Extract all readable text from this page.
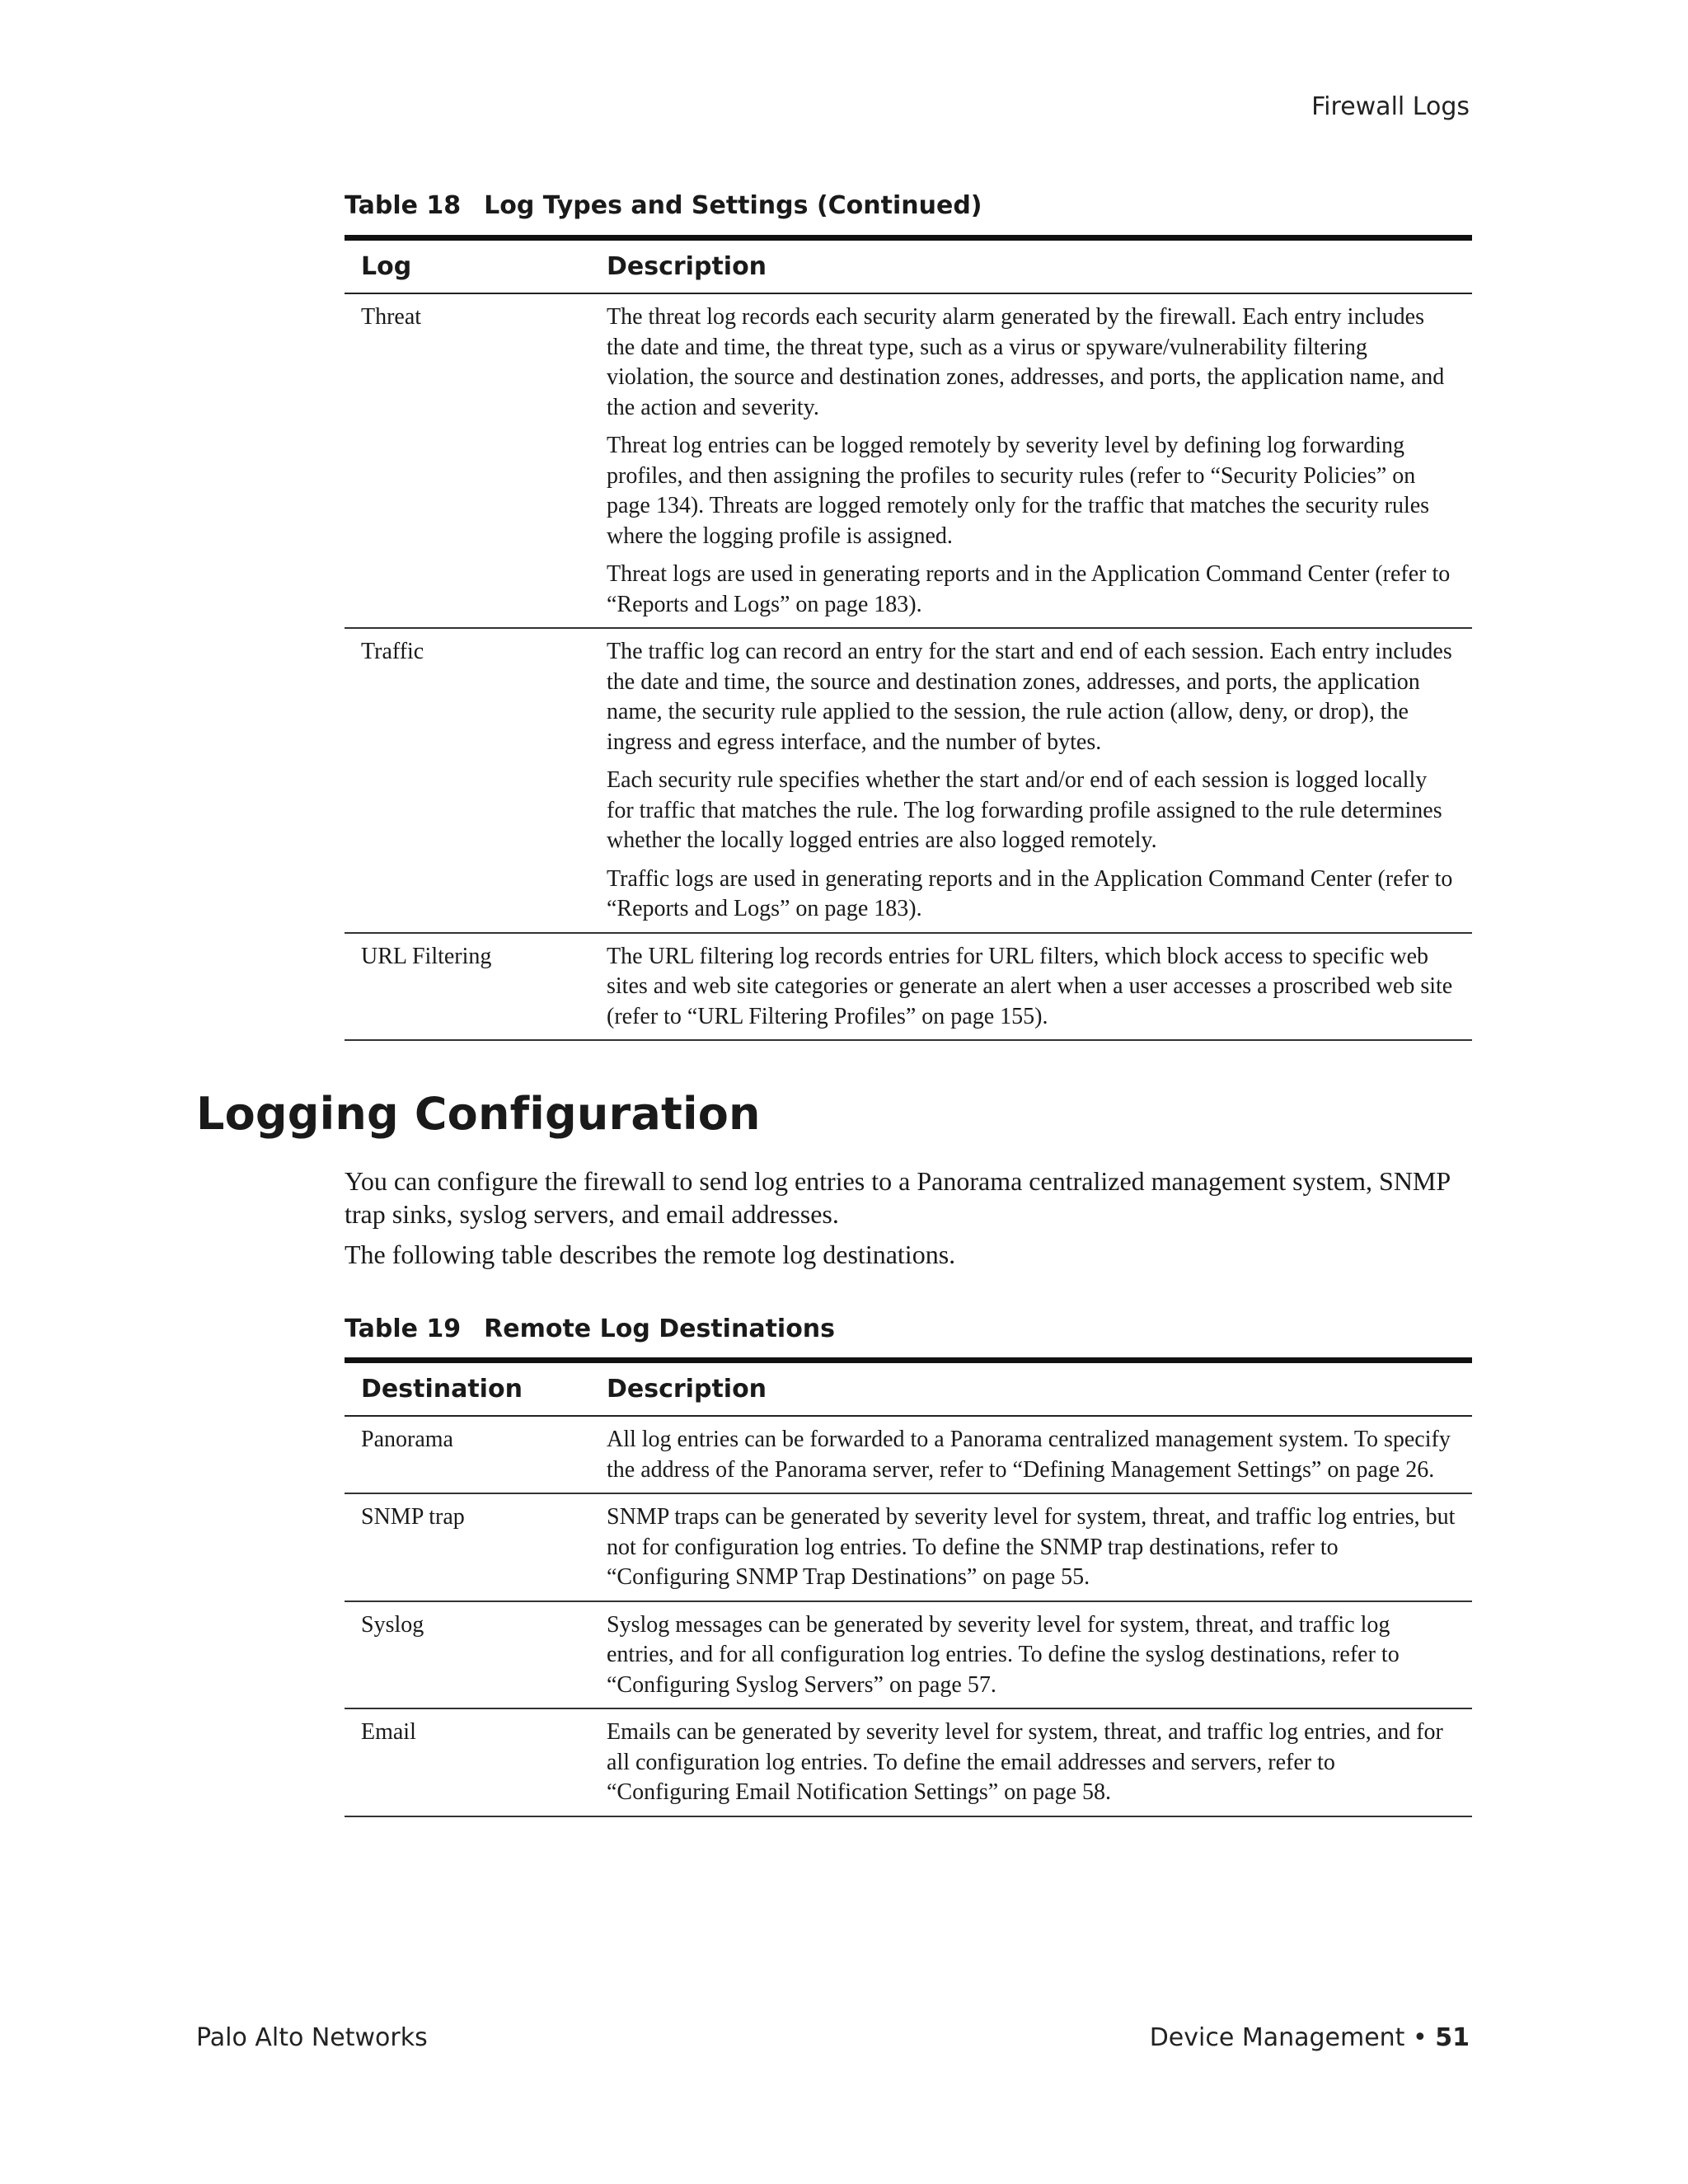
Firewall Logs
Table 18 Log Types and Settings (Continued)
Log	Description
Threat	The threat log records each security alarm generated by the firewall. Each entry includes the date and time, the threat type, such as a virus or spyware/vulnerability filtering violation, the source and destination zones, addresses, and ports, the application name, and the action and severity.

Threat log entries can be logged remotely by severity level by defining log forwarding profiles, and then assigning the profiles to security rules (refer to “Security Policies” on page 134). Threats are logged remotely only for the traffic that matches the security rules where the logging profile is assigned.

Threat logs are used in generating reports and in the Application Command Center (refer to “Reports and Logs” on page 183).

Traffic	The traffic log can record an entry for the start and end of each session. Each entry includes the date and time, the source and destination zones, addresses, and ports, the application name, the security rule applied to the session, the rule action (allow, deny, or drop), the ingress and egress interface, and the number of bytes.

Each security rule specifies whether the start and/or end of each session is logged locally for traffic that matches the rule. The log forwarding profile assigned to the rule determines whether the locally logged entries are also logged remotely.

Traffic logs are used in generating reports and in the Application Command Center (refer to “Reports and Logs” on page 183).

URL Filtering	The URL filtering log records entries for URL filters, which block access to specific web sites and web site categories or generate an alert when a user accesses a proscribed web site (refer to “URL Filtering Profiles” on page 155).

Logging Configuration

You can configure the firewall to send log entries to a Panorama centralized management system, SNMP trap sinks, syslog servers, and email addresses.

The following table describes the remote log destinations.

Table 19 Remote Log Destinations
Destination	Description
Panorama	All log entries can be forwarded to a Panorama centralized management system. To specify the address of the Panorama server, refer to “Defining Management Settings” on page 26.
SNMP trap	SNMP traps can be generated by severity level for system, threat, and traffic log entries, but not for configuration log entries. To define the SNMP trap destinations, refer to “Configuring SNMP Trap Destinations” on page 55.
Syslog	Syslog messages can be generated by severity level for system, threat, and traffic log entries, and for all configuration log entries. To define the syslog destinations, refer to “Configuring Syslog Servers” on page 57.
Email	Emails can be generated by severity level for system, threat, and traffic log entries, and for all configuration log entries. To define the email addresses and servers, refer to “Configuring Email Notification Settings” on page 58.
Palo Alto Networks	Device Management • 51
